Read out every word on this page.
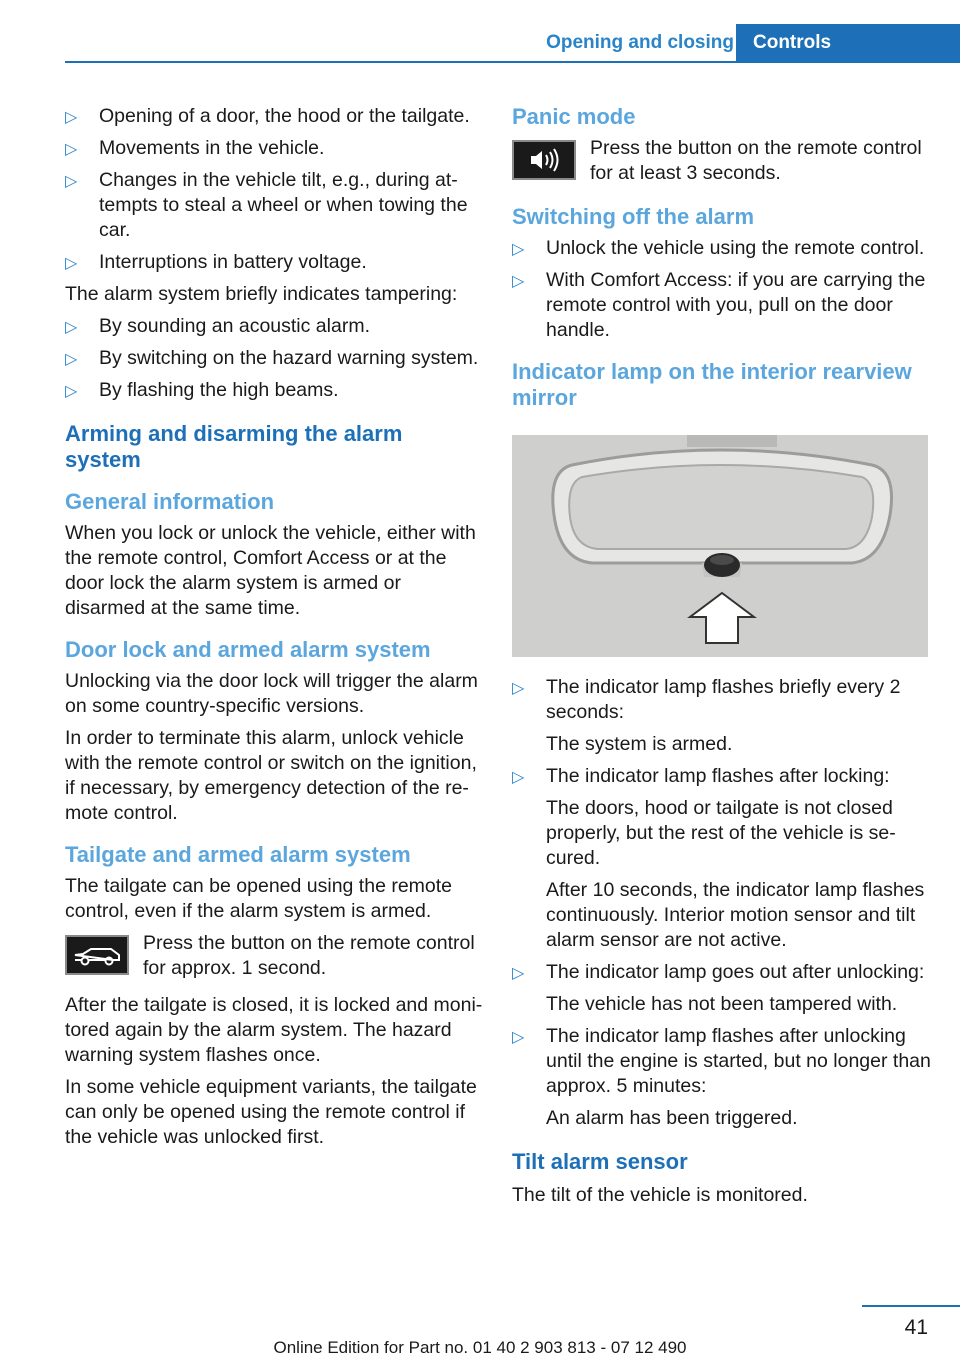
Opening and closing	Controls
▷ Opening of a door, the hood or the tailgate.
▷ Movements in the vehicle.
▷ Changes in the vehicle tilt, e.g., during at-tempts to steal a wheel or when towing the car.
▷ Interruptions in battery voltage.

The alarm system briefly indicates tampering:

▷ By sounding an acoustic alarm.
▷ By switching on the hazard warning system.
▷ By flashing the high beams.
Arming and disarming the alarm system
General information

When you lock or unlock the vehicle, either with the remote control, Comfort Access or at the door lock the alarm system is armed or disarmed at the same time.

Door lock and armed alarm system

Unlocking via the door lock will trigger the alarm on some country-specific versions.

In order to terminate this alarm, unlock vehicle with the remote control or switch on the ignition, if necessary, by emergency detection of the re-mote control.

Tailgate and armed alarm system

The tailgate can be opened using the remote control, even if the alarm system is armed.

Press the button on the remote control for approx. 1 second.

After the tailgate is closed, it is locked and moni-tored again by the alarm system. The hazard warning system flashes once.

In some vehicle equipment variants, the tailgate can only be opened using the remote control if the vehicle was unlocked first.

Panic mode
Press the button on the remote control for at least 3 seconds.
Switching off the alarm
▷ Unlock the vehicle using the remote control.
▷ With Comfort Access: if you are carrying the remote control with you, pull on the door handle.
Indicator lamp on the interior rearview mirror
▷ The indicator lamp flashes briefly every 2 seconds:
The system is armed.
▷ The indicator lamp flashes after locking:
The doors, hood or tailgate is not closed properly, but the rest of the vehicle is se-cured.
After 10 seconds, the indicator lamp flashes continuously. Interior motion sensor and tilt alarm sensor are not active.
▷ The indicator lamp goes out after unlocking:
The vehicle has not been tampered with.
▷ The indicator lamp flashes after unlocking until the engine is started, but no longer than approx. 5 minutes:
An alarm has been triggered.
Tilt alarm sensor

The tilt of the vehicle is monitored.

41
Online Edition for Part no. 01 40 2 903 813 - 07 12 490
